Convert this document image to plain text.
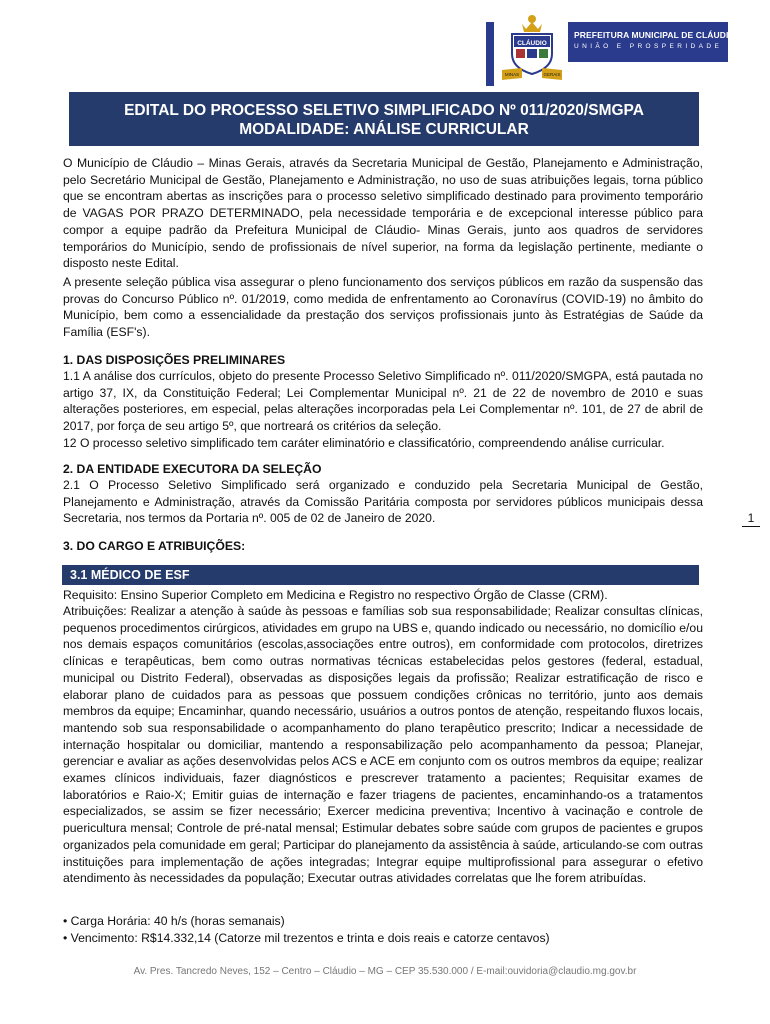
CLÁUDIO
MINAS	GERAIS
PREFEITURA MUNICIPAL DE CLÁUDIO
UNIÃO E PROSPERIDADE
EDITAL DO PROCESSO SELETIVO SIMPLIFICADO Nº 011/2020/SMGPA
MODALIDADE: ANÁLISE CURRICULAR

O Município de Cláudio – Minas Gerais, através da Secretaria Municipal de Gestão, Planejamento e Administração, pelo Secretário Municipal de Gestão, Planejamento e Administração, no uso de suas atribuições legais, torna público que se encontram abertas as inscrições para o processo seletivo simplificado destinado para provimento temporário de VAGAS POR PRAZO DETERMINADO, pela necessidade temporária e de excepcional interesse público para compor a equipe padrão da Prefeitura Municipal de Cláudio- Minas Gerais, junto aos quadros de servidores temporários do Município, sendo de profissionais de nível superior, na forma da legislação pertinente, mediante o disposto neste Edital.

A presente seleção pública visa assegurar o pleno funcionamento dos serviços públicos em razão da suspensão das provas do Concurso Público nº. 01/2019, como medida de enfrentamento ao Coronavírus (COVID-19) no âmbito do Município, bem como a essencialidade da prestação dos serviços profissionais junto às Estratégias de Saúde da Família (ESF's).

1. DAS DISPOSIÇÕES PRELIMINARES

1.1 A análise dos currículos, objeto do presente Processo Seletivo Simplificado nº. 011/2020/SMGPA, está pautada no artigo 37, IX, da Constituição Federal; Lei Complementar Municipal nº. 21 de 22 de novembro de 2010 e suas alterações posteriores, em especial, pelas alterações incorporadas pela Lei Complementar nº. 101, de 27 de abril de 2017, por força de seu artigo 5º, que nortreará os critérios da seleção.

12 O processo seletivo simplificado tem caráter eliminatório e classificatório, compreendendo análise curricular.

2. DA ENTIDADE EXECUTORA DA SELEÇÃO

2.1 O Processo Seletivo Simplificado será organizado e conduzido pela Secretaria Municipal de Gestão, Planejamento e Administração, através da Comissão Paritária composta por servidores públicos municipais dessa Secretaria, nos termos da Portaria nº. 005 de 02 de Janeiro de 2020.	1

3. DO CARGO E ATRIBUIÇÕES:

3.1 MÉDICO DE ESF

Requisito: Ensino Superior Completo em Medicina e Registro no respectivo Órgão de Classe (CRM).

Atribuições: Realizar a atenção à saúde às pessoas e famílias sob sua responsabilidade; Realizar consultas clínicas, pequenos procedimentos cirúrgicos, atividades em grupo na UBS e, quando indicado ou necessário, no domicílio e/ou nos demais espaços comunitários (escolas,associações entre outros), em conformidade com protocolos, diretrizes clínicas e terapêuticas, bem como outras normativas técnicas estabelecidas pelos gestores (federal, estadual, municipal ou Distrito Federal), observadas as disposições legais da profissão; Realizar estratificação de risco e elaborar plano de cuidados para as pessoas que possuem condições crônicas no território, junto aos demais membros da equipe; Encaminhar, quando necessário, usuários a outros pontos de atenção, respeitando fluxos locais, mantendo sob sua responsabilidade o acompanhamento do plano terapêutico prescrito; Indicar a necessidade de internação hospitalar ou domiciliar, mantendo a responsabilização pelo acompanhamento da pessoa; Planejar, gerenciar e avaliar as ações desenvolvidas pelos ACS e ACE em conjunto com os outros membros da equipe; realizar exames clínicos individuais, fazer diagnósticos e prescrever tratamento a pacientes; Requisitar exames de laboratórios e Raio-X; Emitir guias de internação e fazer triagens de pacientes, encaminhando-os a tratamentos especializados, se assim se fizer necessário; Exercer medicina preventiva; Incentivo à vacinação e controle de puericultura mensal; Controle de pré-natal mensal; Estimular debates sobre saúde com grupos de pacientes e grupos organizados pela comunidade em geral; Participar do planejamento da assistência à saúde, articulando-se com outras instituições para implementação de ações integradas; Integrar equipe multiprofissional para assegurar o efetivo atendimento às necessidades da população; Executar outras atividades correlatas que lhe forem atribuídas.

• Carga Horária: 40 h/s (horas semanais)

• Vencimento: R$14.332,14 (Catorze mil trezentos e trinta e dois reais e catorze centavos)

Av. Pres. Tancredo Neves, 152 – Centro – Cláudio – MG – CEP 35.530.000 / E-mail:ouvidoria@claudio.mg.gov.br
